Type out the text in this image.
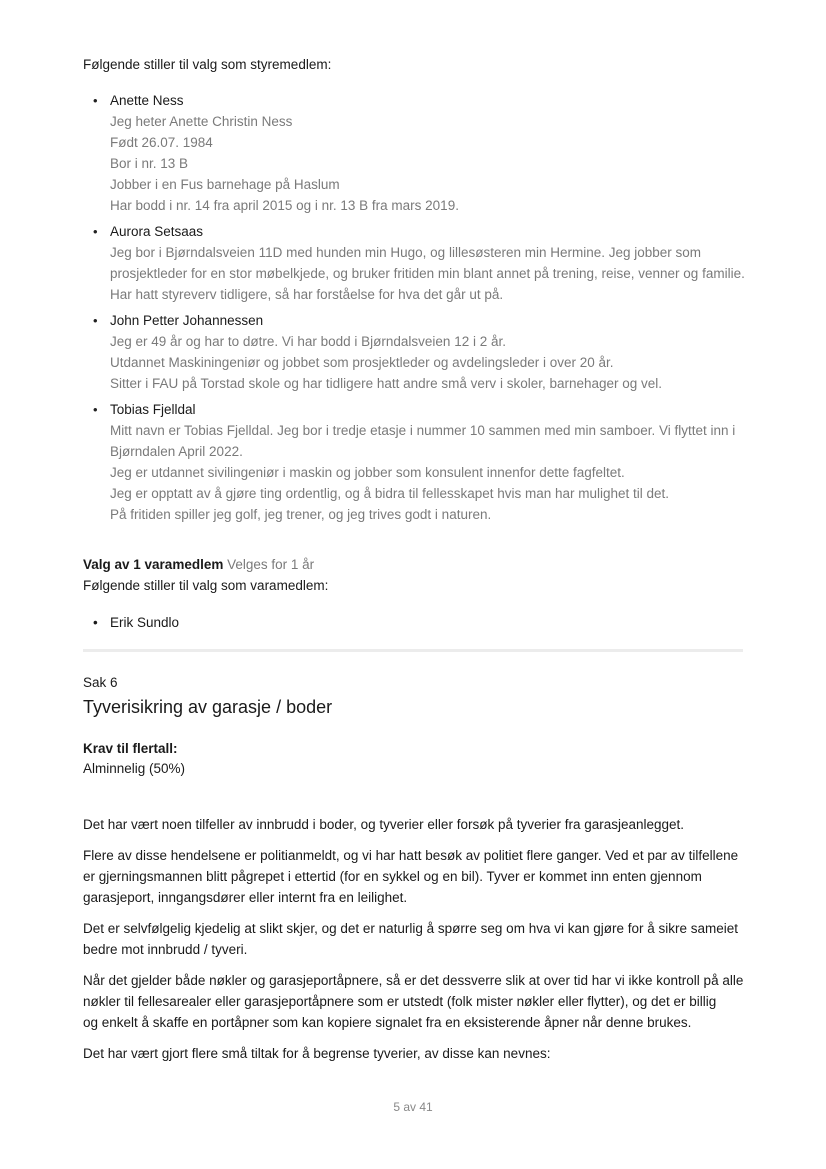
Følgende stiller til valg som styremedlem:

• Anette Ness
Jeg heter Anette Christin Ness
Født 26.07. 1984
Bor i nr. 13 B
Jobber i en Fus barnehage på Haslum
Har bodd i nr. 14 fra april 2015 og i nr. 13 B fra mars 2019.
• Aurora Setsaas
Jeg bor i Bjørndalsveien 11D med hunden min Hugo, og lillesøsteren min Hermine. Jeg jobber som
prosjektleder for en stor møbelkjede, og bruker fritiden min blant annet på trening, reise, venner og familie.
Har hatt styreverv tidligere, så har forståelse for hva det går ut på.
• John Petter Johannessen
Jeg er 49 år og har to døtre. Vi har bodd i Bjørndalsveien 12 i 2 år.
Utdannet Maskiningeniør og jobbet som prosjektleder og avdelingsleder i over 20 år.
Sitter i FAU på Torstad skole og har tidligere hatt andre små verv i skoler, barnehager og vel.
• Tobias Fjelldal
Mitt navn er Tobias Fjelldal. Jeg bor i tredje etasje i nummer 10 sammen med min samboer. Vi flyttet inn i
Bjørndalen April 2022.
Jeg er utdannet sivilingeniør i maskin og jobber som konsulent innenfor dette fagfeltet.
Jeg er opptatt av å gjøre ting ordentlig, og å bidra til fellesskapet hvis man har mulighet til det.
På fritiden spiller jeg golf, jeg trener, og jeg trives godt i naturen.

Valg av 1 varamedlem Velges for 1 år

Følgende stiller til valg som varamedlem:

• Erik Sundlo

Sak 6

Tyverisikring av garasje / boder

Krav til flertall:

Alminnelig (50%)

Det har vært noen tilfeller av innbrudd i boder, og tyverier eller forsøk på tyverier fra garasjeanlegget.

Flere av disse hendelsene er politianmeldt, og vi har hatt besøk av politiet flere ganger. Ved et par av tilfellene
er gjerningsmannen blitt pågrepet i ettertid (for en sykkel og en bil). Tyver er kommet inn enten gjennom
garasjeport, inngangsdører eller internt fra en leilighet.

Det er selvfølgelig kjedelig at slikt skjer, og det er naturlig å spørre seg om hva vi kan gjøre for å sikre sameiet
bedre mot innbrudd / tyveri.

Når det gjelder både nøkler og garasjeportåpnere, så er det dessverre slik at over tid har vi ikke kontroll på alle
nøkler til fellesarealer eller garasjeportåpnere som er utstedt (folk mister nøkler eller flytter), og det er billig
og enkelt å skaffe en portåpner som kan kopiere signalet fra en eksisterende åpner når denne brukes.

Det har vært gjort flere små tiltak for å begrense tyverier, av disse kan nevnes:

5 av 41
